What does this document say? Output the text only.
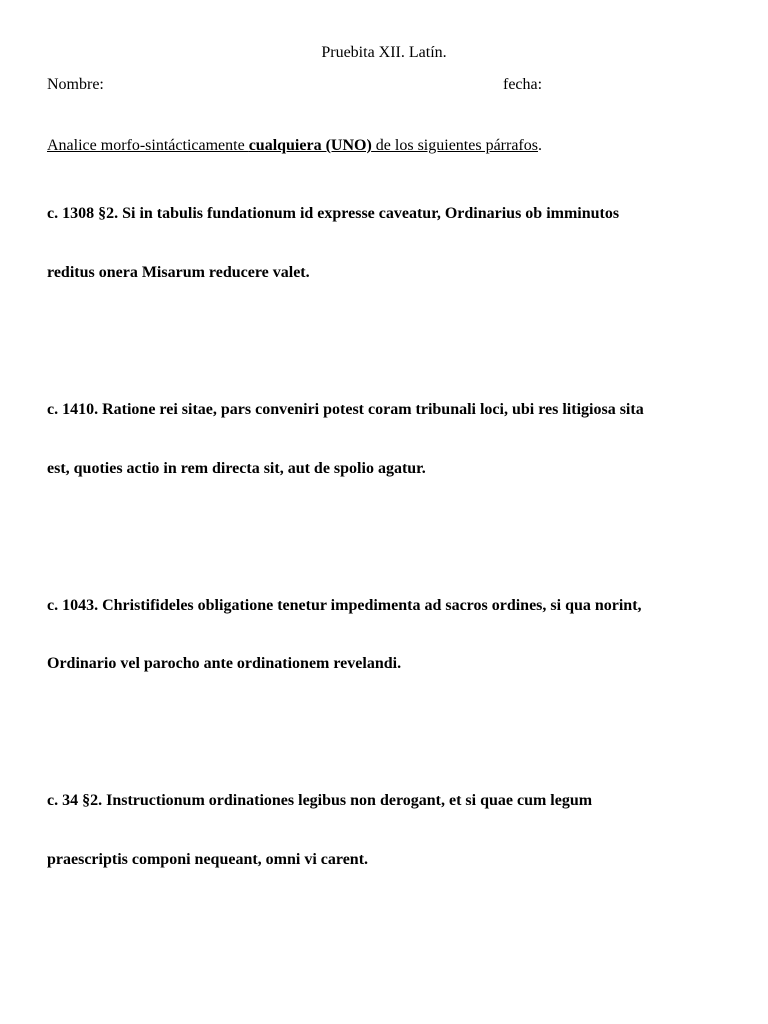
Pruebita XII. Latín.
Nombre:	fecha:
Analice morfo-sintácticamente cualquiera (UNO) de los siguientes párrafos.
c. 1308 §2. Si in tabulis fundationum id expresse caveatur, Ordinarius ob imminutos
reditus onera Misarum reducere valet.
c. 1410. Ratione rei sitae, pars conveniri potest coram tribunali loci, ubi res litigiosa sita
est, quoties actio in rem directa sit, aut de spolio agatur.
c. 1043. Christifideles obligatione tenetur impedimenta ad sacros ordines, si qua norint,
Ordinario vel parocho ante ordinationem revelandi.
c. 34 §2. Instructionum ordinationes legibus non derogant, et si quae cum legum
praescriptis componi nequeant, omni vi carent.
